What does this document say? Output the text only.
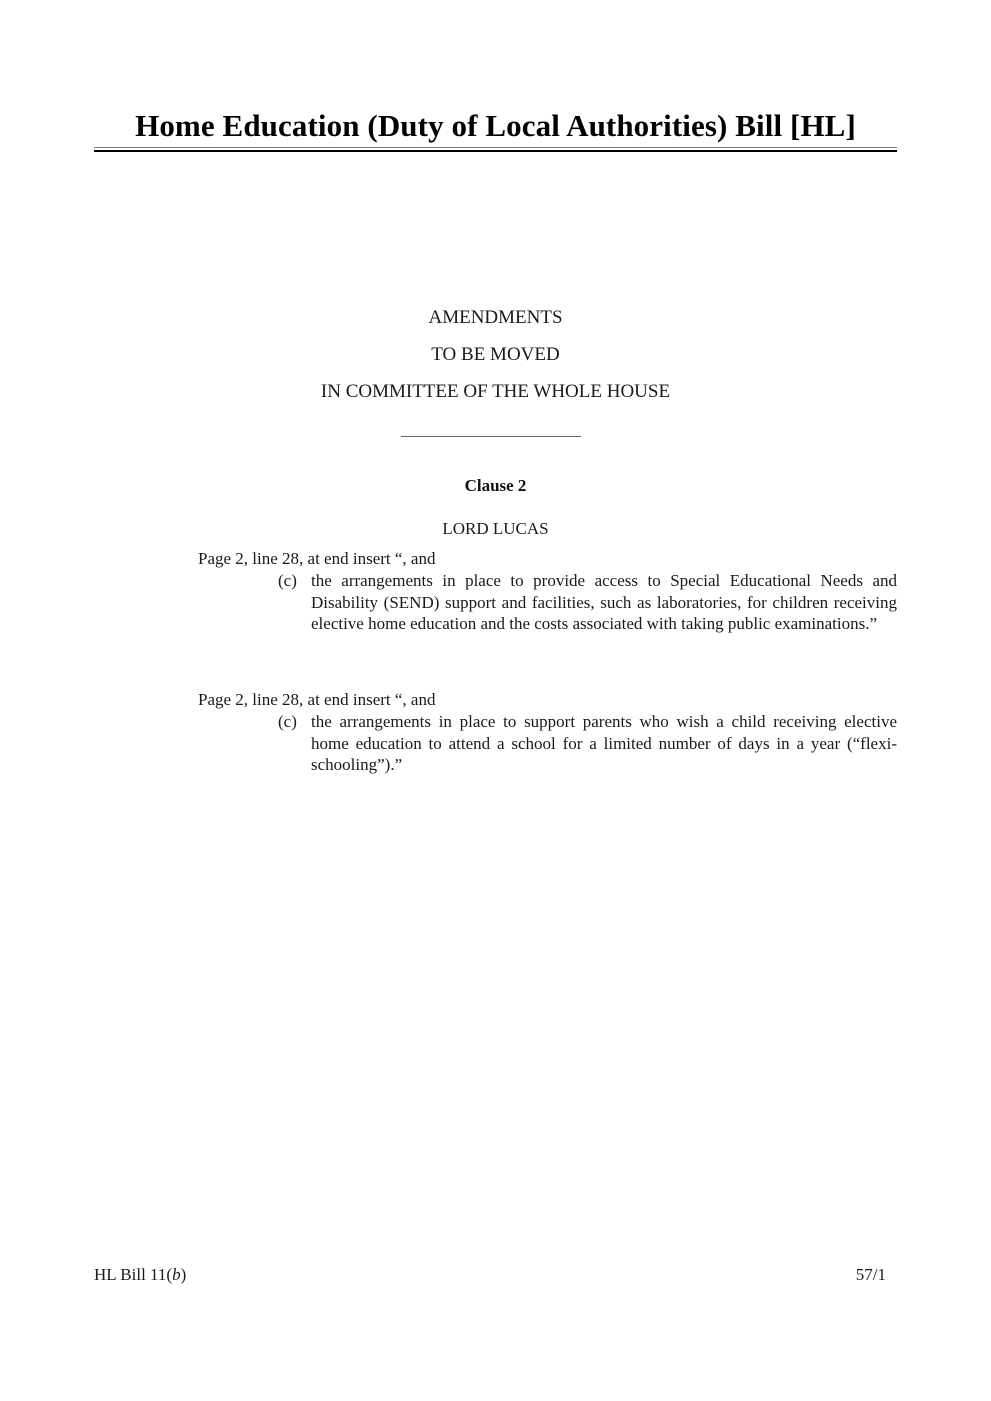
Home Education (Duty of Local Authorities) Bill [HL]
AMENDMENTS
TO BE MOVED
IN COMMITTEE OF THE WHOLE HOUSE
Clause 2
LORD LUCAS
Page 2, line 28, at end insert “, and
(c) the arrangements in place to provide access to Special Educational Needs and Disability (SEND) support and facilities, such as laboratories, for children receiving elective home education and the costs associated with taking public examinations.”
Page 2, line 28, at end insert “, and
(c) the arrangements in place to support parents who wish a child receiving elective home education to attend a school for a limited number of days in a year (“flexi-schooling”).”
HL Bill 11(b)	57/1
